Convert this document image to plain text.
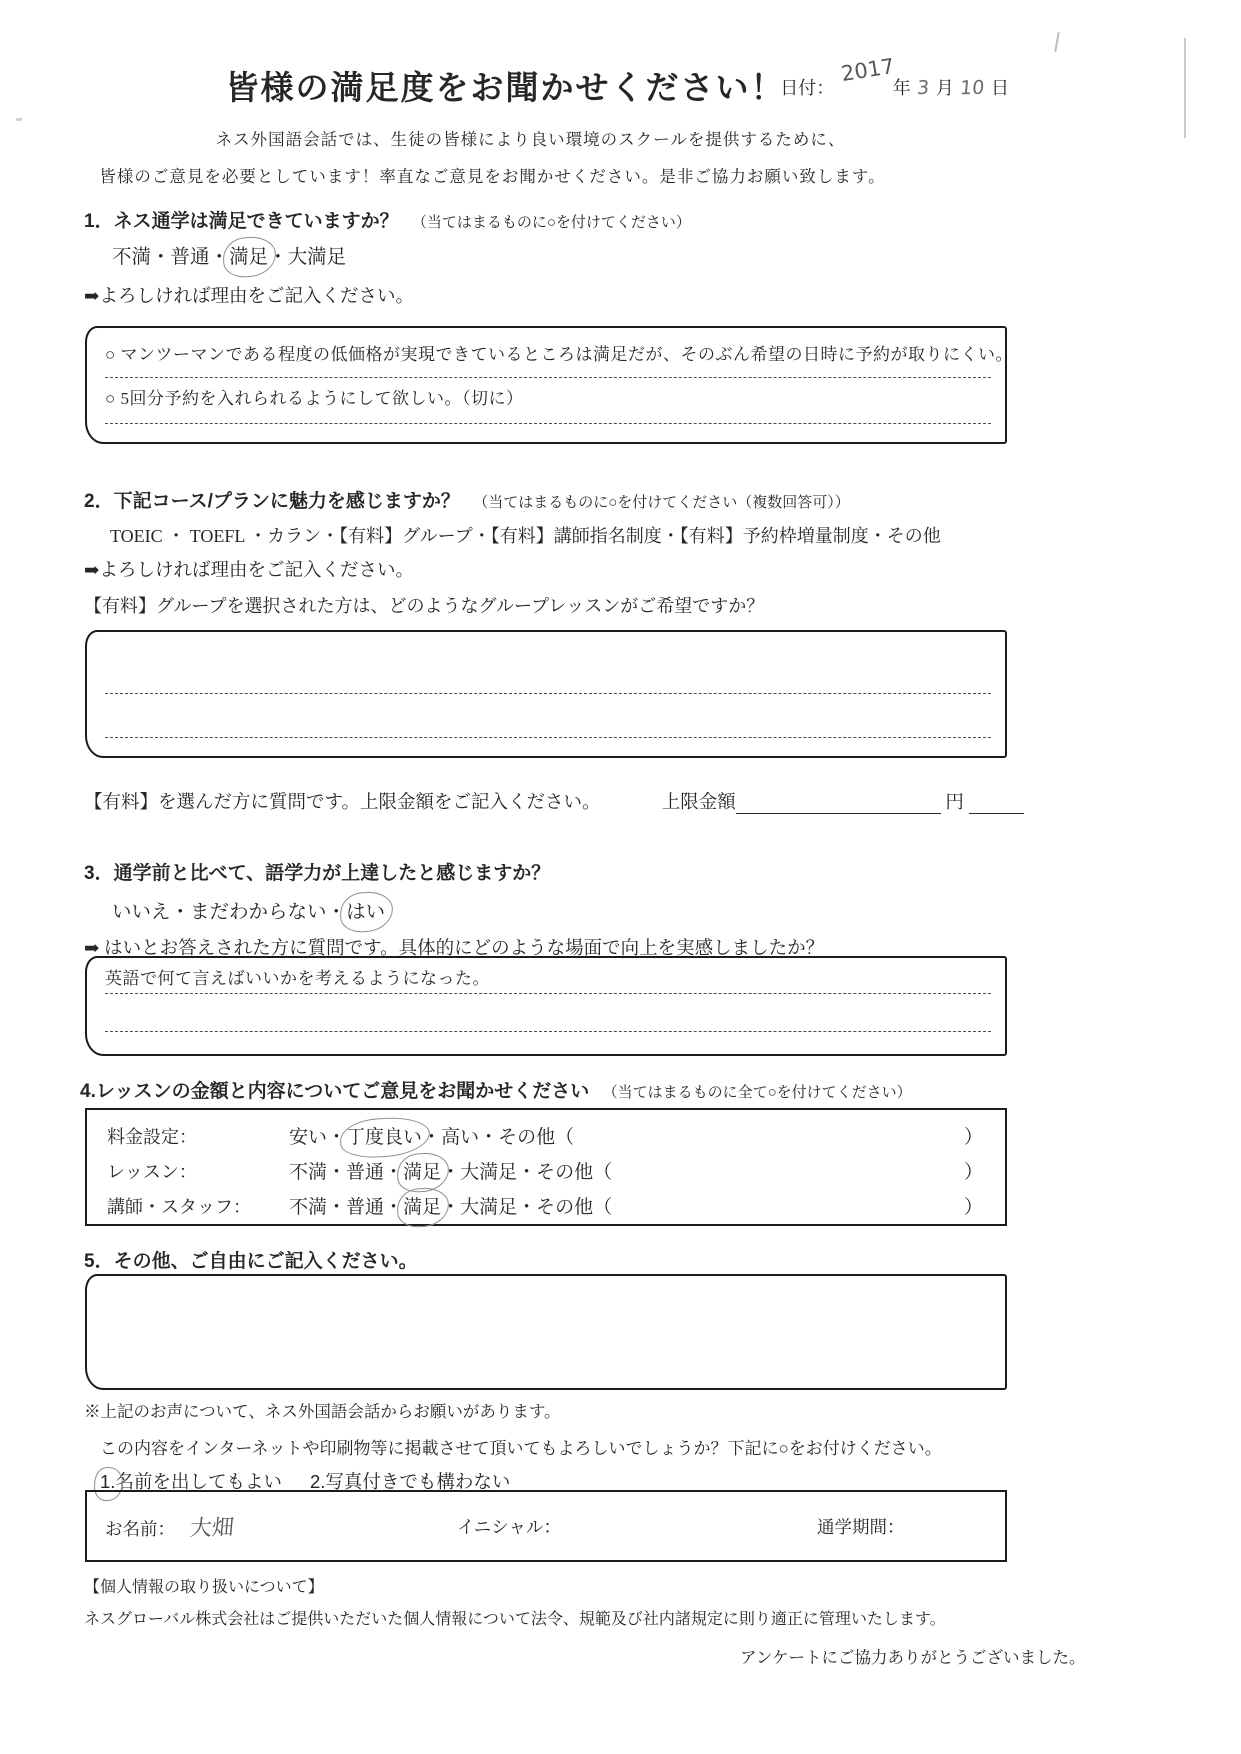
皆様の満足度をお聞かせください！
日付： 2017 年 3 月 10 日
ネス外国語会話では、生徒の皆様により良い環境のスクールを提供するために、
皆様のご意見を必要としています！率直なご意見をお聞かせください。是非ご協力お願い致します。
1．ネス通学は満足できていますか？ （当てはまるものに○を付けてください）
不満・普通・満足・大満足
➡よろしければ理由をご記入ください。
○ マンツーマンである程度の低価格が実現できているところは満足だが、そのぶん希望の日時に予約が取りにくい。
○ 5回分予約を入れられるようにして欲しい。（切に）
2．下記コース/プランに魅力を感じますか？ （当てはまるものに○を付けてください（複数回答可））
TOEIC ・ TOEFL ・カラン・【有料】グループ・【有料】講師指名制度・【有料】予約枠増量制度・その他
➡よろしければ理由をご記入ください。
【有料】グループを選択された方は、どのようなグループレッスンがご希望ですか？
【有料】を選んだ方に質問です。上限金額をご記入ください。	上限金額	円
3．通学前と比べて、語学力が上達したと感じますか？
いいえ・まだわからない・はい
➡ はいとお答えされた方に質問です。具体的にどのような場面で向上を実感しましたか？
英語で何て言えばいいかを考えるようになった。
4.レッスンの金額と内容についてご意見をお聞かせください （当てはまるものに全て○を付けてください）
料金設定：	安い・丁度良い・高い・その他（	）
レッスン：	不満・普通・満足・大満足・その他（	）
講師・スタッフ：	不満・普通・満足・大満足・その他（	）
5．その他、ご自由にご記入ください。
※上記のお声について、ネス外国語会話からお願いがあります。
この内容をインターネットや印刷物等に掲載させて頂いてもよろしいでしょうか？下記に○をお付けください。
1.名前を出してもよい 2.写真付きでも構わない
お名前： 大畑	イニシャル：	通学期間：
【個人情報の取り扱いについて】
ネスグローバル株式会社はご提供いただいた個人情報について法令、規範及び社内諸規定に則り適正に管理いたします。
アンケートにご協力ありがとうございました。
